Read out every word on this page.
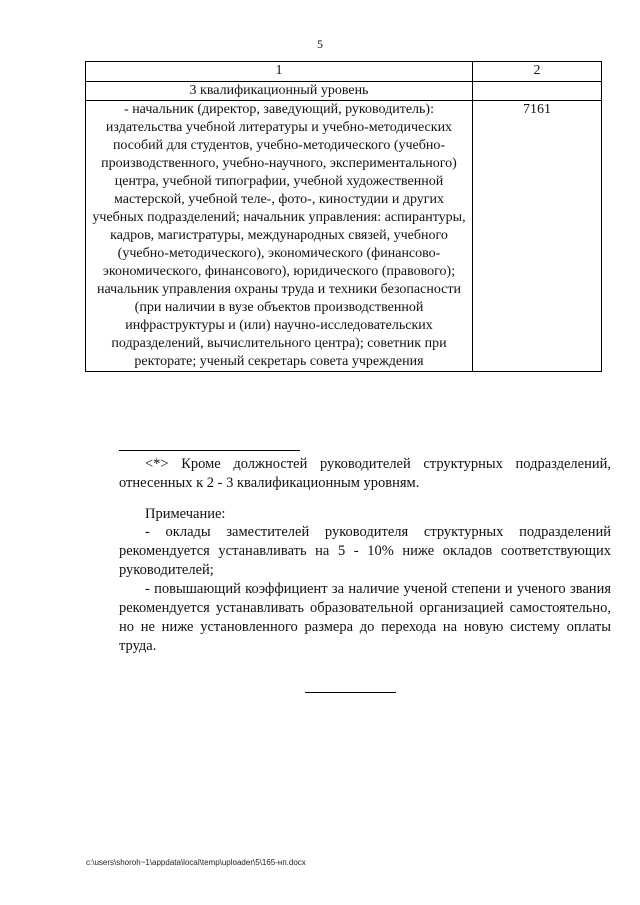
5
1	2
3 квалификационный уровень	
- начальник (директор, заведующий, руководитель): издательства учебной литературы и учебно-методических пособий для студентов, учебно-методического (учебно-производственного, учебно-научного, экспериментального) центра, учебной типографии, учебной художественной мастерской, учебной теле-, фото-, киностудии и других учебных подразделений; начальник управления: аспирантуры, кадров, магистратуры, международных связей, учебного (учебно-методического), экономического (финансово-экономического, финансового), юридического (правового); начальник управления охраны труда и техники безопасности (при наличии в вузе объектов производственной инфраструктуры и (или) научно-исследовательских подразделений, вычислительного центра); советник при ректорате; ученый секретарь совета учреждения	7161
<*> Кроме должностей руководителей структурных подразделений, отнесенных к 2 - 3 квалификационным уровням.
Примечание:
- оклады заместителей руководителя структурных подразделений рекомендуется устанавливать на 5 - 10% ниже окладов соответствующих руководителей;
- повышающий коэффициент за наличие ученой степени и ученого звания рекомендуется устанавливать образовательной организацией самостоятельно, но не ниже установленного размера до перехода на новую систему оплаты труда.
c:\users\shoroh~1\appdata\local\temp\uploader\5\165-нп.docx
